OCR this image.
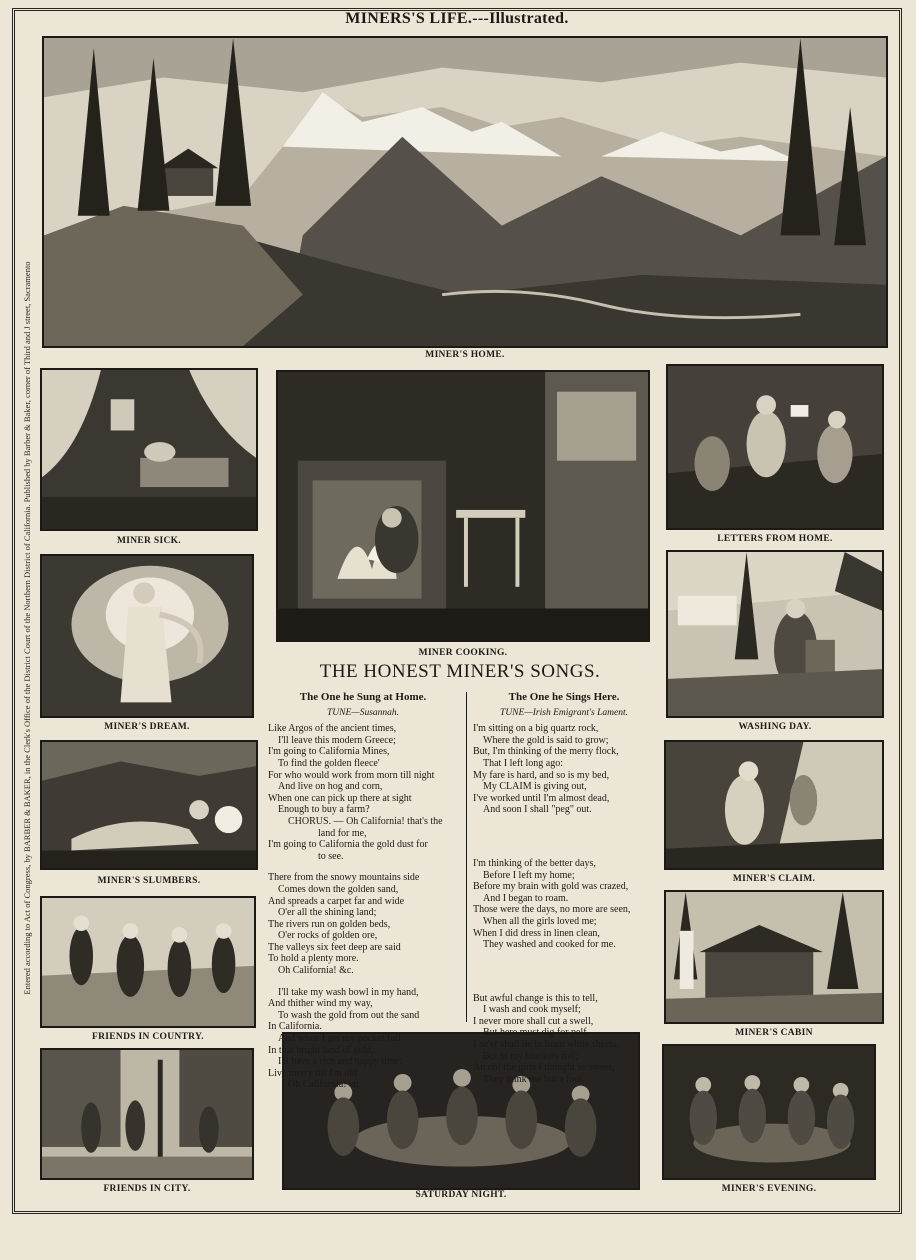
MINERS'S LIFE.---Illustrated.
Entered according to Act of Congress, by BARBER & BAKER, in the Clerk's Office of the District Court of the Northern District of California. Published by Barber & Baker, corner of Third and J street, Sacramento	MINER'S HOME.
MINER SICK.
MINER COOKING.
LETTERS FROM HOME.
MINER'S DREAM.	WASHING DAY.
MINER'S SLUMBERS.	MINER'S CLAIM.
FRIENDS IN COUNTRY.	MINER'S CABIN
FRIENDS IN CITY.
SATURDAY NIGHT.
MINER'S EVENING.
THE HONEST MINER'S SONGS.
The One he Sung at Home.
TUNE—Susannah.
Like Argos of the ancient times,
I'll leave this modern Greece;
I'm going to California Mines,
To find the golden fleece'
For who would work from morn till night
And live on hog and corn,
When one can pick up there at sight
Enough to buy a farm?
CHORUS. — Oh California! that's the
land for me,
I'm going to California the gold dust for
to see.
There from the snowy mountains side
Comes down the golden sand,
And spreads a carpet far and wide
O'er all the shining land;
The rivers run on golden beds,
O'er rocks of golden ore,
The valleys six feet deep are said
To hold a plenty more.
Oh California! &c.
I'll take my wash bowl in my hand,
And thither wind my way,
To wash the gold from out the sand
In California.
And when I get my pocket full
In that bright land of gold,
I'll have a rich and happy time:
Live merry till I'm old
Oh California! etc.
The One he Sings Here.
TUNE—Irish Emigrant's Lament.
I'm sitting on a big quartz rock,
Where the gold is said to grow;
But, I'm thinking of the merry flock,
That I left long ago:
My fare is hard, and so is my bed,
My CLAIM is giving out,
I've worked until I'm almost dead,
And soon I shall "peg" out.
I'm thinking of the better days,
Before I left my home;
Before my brain with gold was crazed,
And I began to roam.
Those were the days, no more are seen,
When all the girls loved me;
When I did dress in linen clean,
They washed and cooked for me.
But awful change is this to tell,
I wash and cook myself;
I never more shall cut a swell,
But here must dig for pelf.
I ne'er shall lie in linen white sheets,
But in my blankets roll;
An oh! the girls I thought so sweet,
They think me but a fool.
